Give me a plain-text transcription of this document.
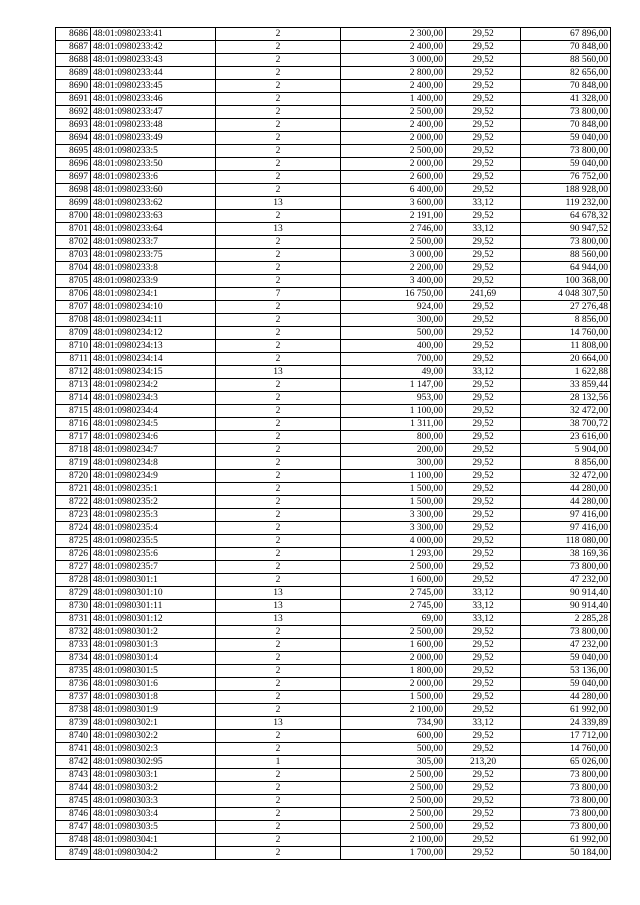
8686	48:01:0980233:41	2	2 300,00	29,52	67 896,00
8687	48:01:0980233:42	2	2 400,00	29,52	70 848,00
8688	48:01:0980233:43	2	3 000,00	29,52	88 560,00
8689	48:01:0980233:44	2	2 800,00	29,52	82 656,00
8690	48:01:0980233:45	2	2 400,00	29,52	70 848,00
8691	48:01:0980233:46	2	1 400,00	29,52	41 328,00
8692	48:01:0980233:47	2	2 500,00	29,52	73 800,00
8693	48:01:0980233:48	2	2 400,00	29,52	70 848,00
8694	48:01:0980233:49	2	2 000,00	29,52	59 040,00
8695	48:01:0980233:5	2	2 500,00	29,52	73 800,00
8696	48:01:0980233:50	2	2 000,00	29,52	59 040,00
8697	48:01:0980233:6	2	2 600,00	29,52	76 752,00
8698	48:01:0980233:60	2	6 400,00	29,52	188 928,00
8699	48:01:0980233:62	13	3 600,00	33,12	119 232,00
8700	48:01:0980233:63	2	2 191,00	29,52	64 678,32
8701	48:01:0980233:64	13	2 746,00	33,12	90 947,52
8702	48:01:0980233:7	2	2 500,00	29,52	73 800,00
8703	48:01:0980233:75	2	3 000,00	29,52	88 560,00
8704	48:01:0980233:8	2	2 200,00	29,52	64 944,00
8705	48:01:0980233:9	2	3 400,00	29,52	100 368,00
8706	48:01:0980234:1	7	16 750,00	241,69	4 048 307,50
8707	48:01:0980234:10	2	924,00	29,52	27 276,48
8708	48:01:0980234:11	2	300,00	29,52	8 856,00
8709	48:01:0980234:12	2	500,00	29,52	14 760,00
8710	48:01:0980234:13	2	400,00	29,52	11 808,00
8711	48:01:0980234:14	2	700,00	29,52	20 664,00
8712	48:01:0980234:15	13	49,00	33,12	1 622,88
8713	48:01:0980234:2	2	1 147,00	29,52	33 859,44
8714	48:01:0980234:3	2	953,00	29,52	28 132,56
8715	48:01:0980234:4	2	1 100,00	29,52	32 472,00
8716	48:01:0980234:5	2	1 311,00	29,52	38 700,72
8717	48:01:0980234:6	2	800,00	29,52	23 616,00
8718	48:01:0980234:7	2	200,00	29,52	5 904,00
8719	48:01:0980234:8	2	300,00	29,52	8 856,00
8720	48:01:0980234:9	2	1 100,00	29,52	32 472,00
8721	48:01:0980235:1	2	1 500,00	29,52	44 280,00
8722	48:01:0980235:2	2	1 500,00	29,52	44 280,00
8723	48:01:0980235:3	2	3 300,00	29,52	97 416,00
8724	48:01:0980235:4	2	3 300,00	29,52	97 416,00
8725	48:01:0980235:5	2	4 000,00	29,52	118 080,00
8726	48:01:0980235:6	2	1 293,00	29,52	38 169,36
8727	48:01:0980235:7	2	2 500,00	29,52	73 800,00
8728	48:01:0980301:1	2	1 600,00	29,52	47 232,00
8729	48:01:0980301:10	13	2 745,00	33,12	90 914,40
8730	48:01:0980301:11	13	2 745,00	33,12	90 914,40
8731	48:01:0980301:12	13	69,00	33,12	2 285,28
8732	48:01:0980301:2	2	2 500,00	29,52	73 800,00
8733	48:01:0980301:3	2	1 600,00	29,52	47 232,00
8734	48:01:0980301:4	2	2 000,00	29,52	59 040,00
8735	48:01:0980301:5	2	1 800,00	29,52	53 136,00
8736	48:01:0980301:6	2	2 000,00	29,52	59 040,00
8737	48:01:0980301:8	2	1 500,00	29,52	44 280,00
8738	48:01:0980301:9	2	2 100,00	29,52	61 992,00
8739	48:01:0980302:1	13	734,90	33,12	24 339,89
8740	48:01:0980302:2	2	600,00	29,52	17 712,00
8741	48:01:0980302:3	2	500,00	29,52	14 760,00
8742	48:01:0980302:95	1	305,00	213,20	65 026,00
8743	48:01:0980303:1	2	2 500,00	29,52	73 800,00
8744	48:01:0980303:2	2	2 500,00	29,52	73 800,00
8745	48:01:0980303:3	2	2 500,00	29,52	73 800,00
8746	48:01:0980303:4	2	2 500,00	29,52	73 800,00
8747	48:01:0980303:5	2	2 500,00	29,52	73 800,00
8748	48:01:0980304:1	2	2 100,00	29,52	61 992,00
8749	48:01:0980304:2	2	1 700,00	29,52	50 184,00
